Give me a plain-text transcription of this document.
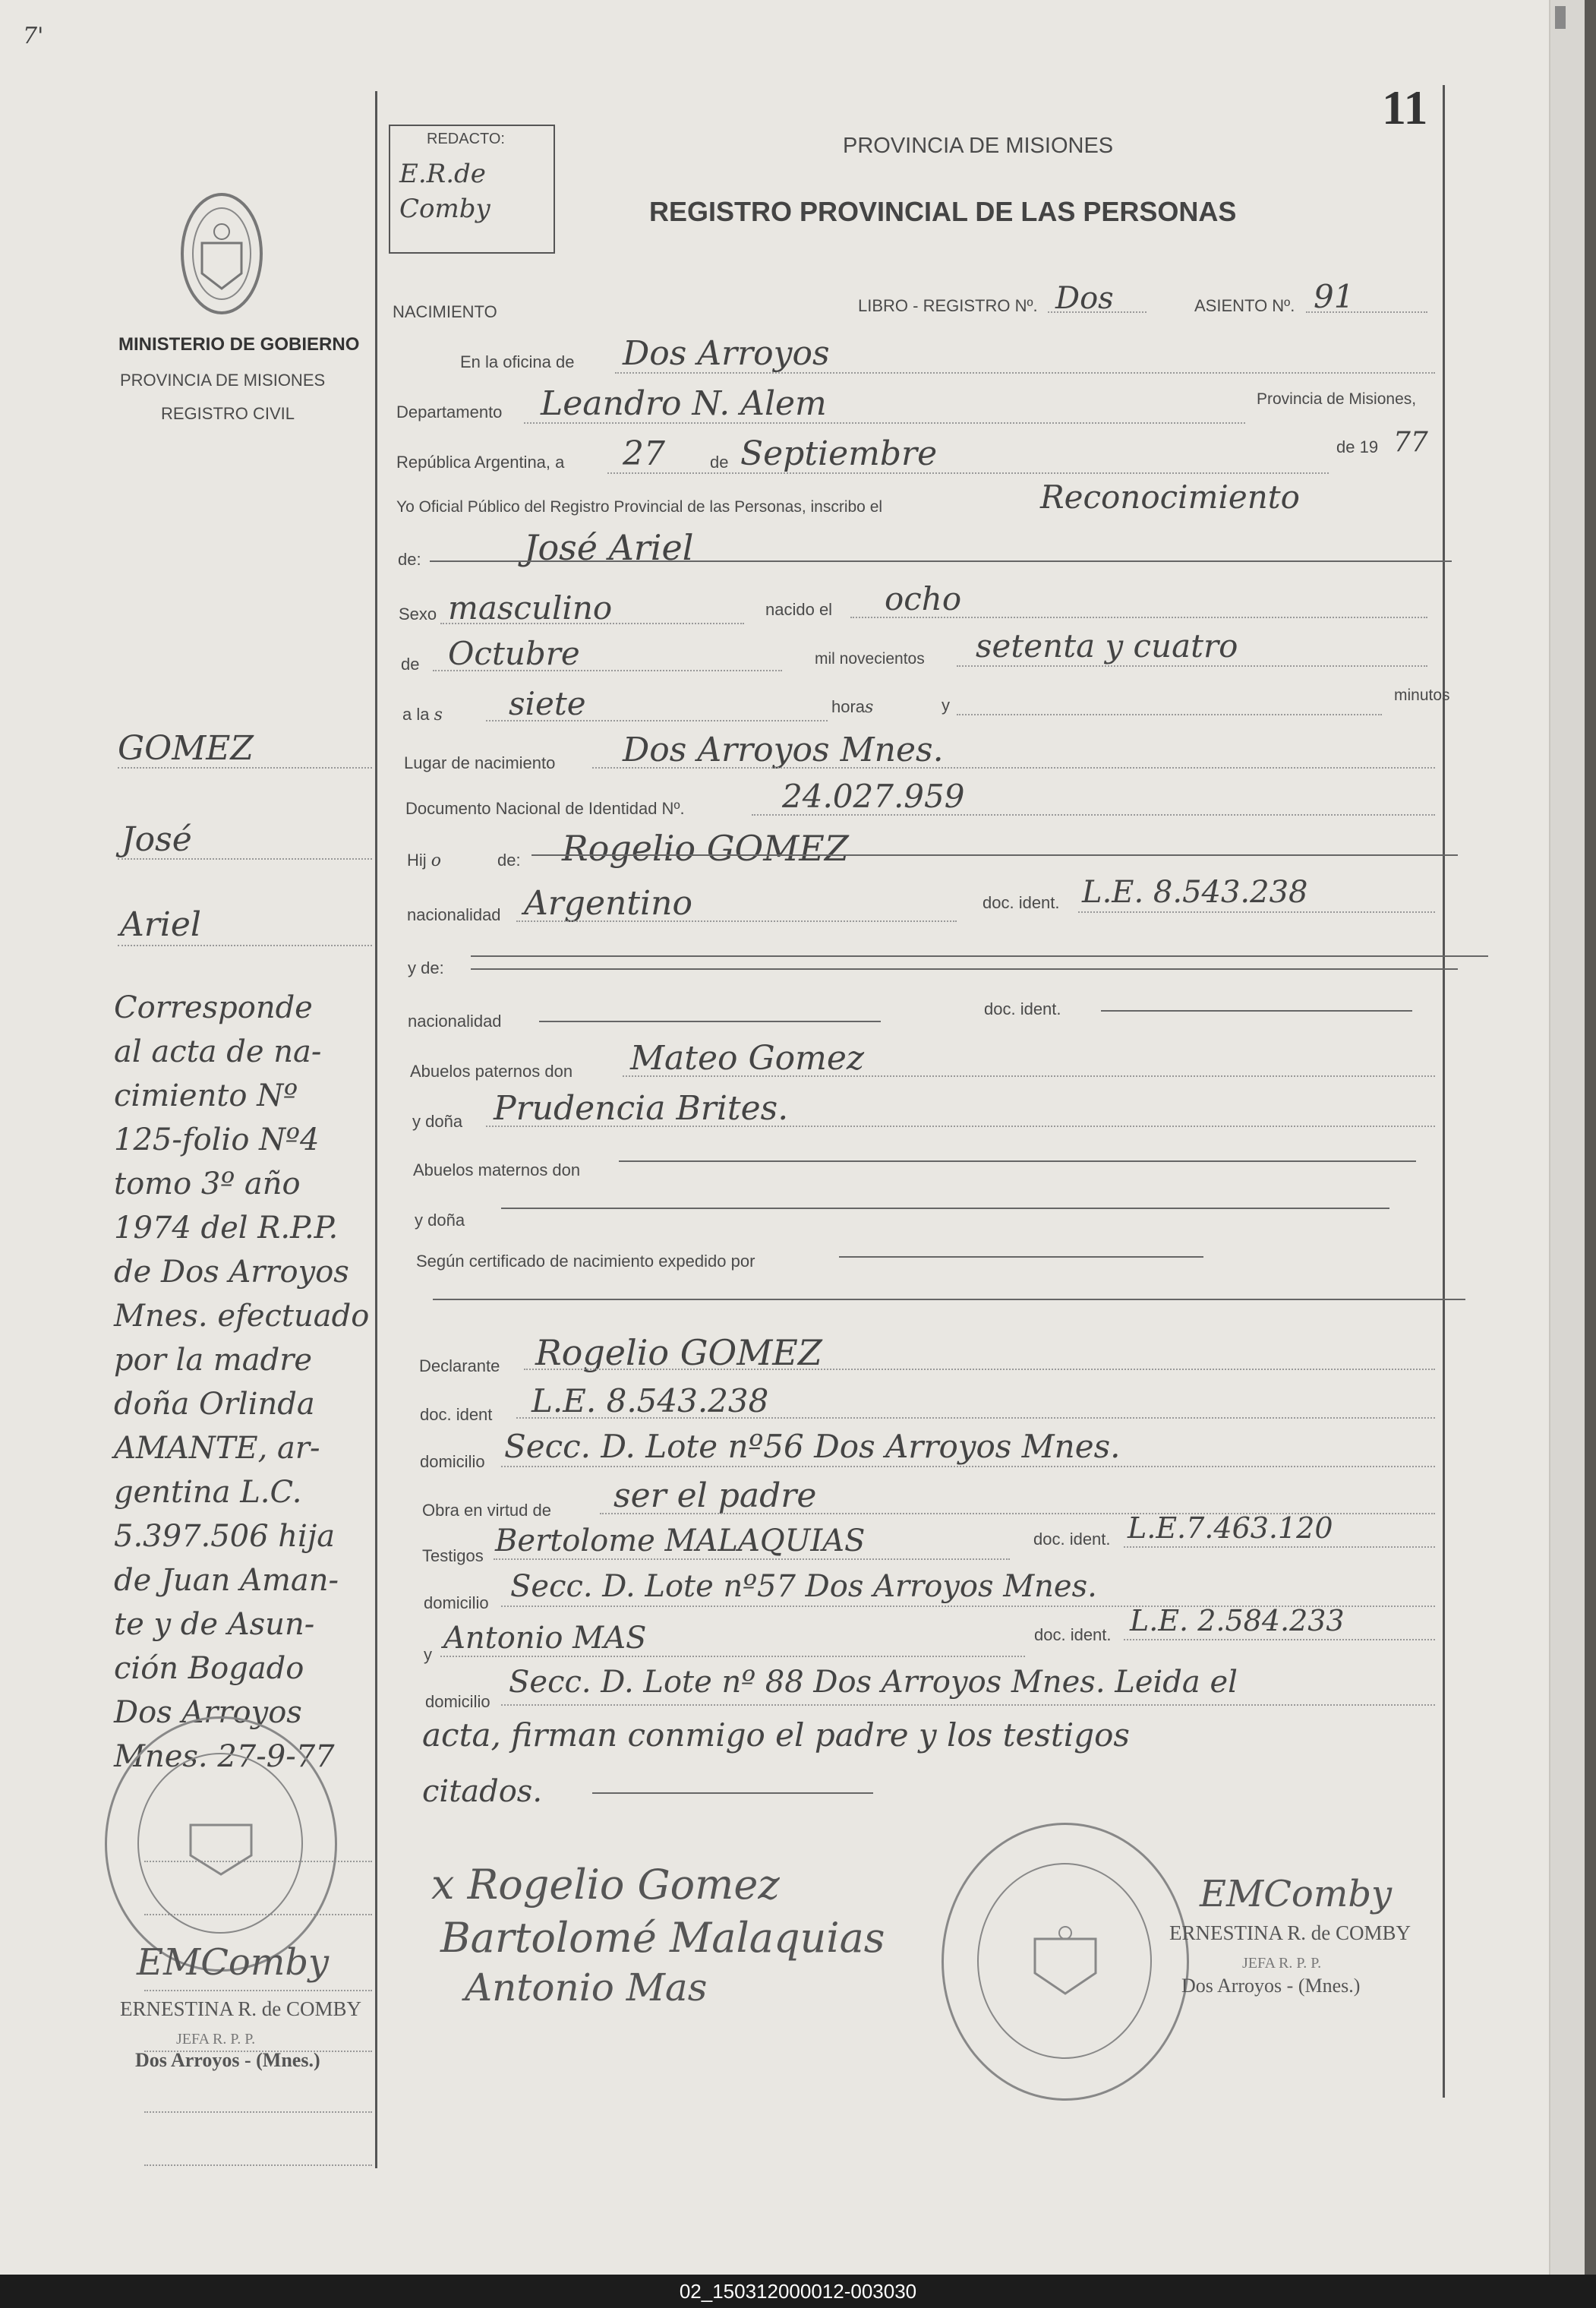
7'
11
REDACTO:
E.R.de Comby
PROVINCIA DE MISIONES
REGISTRO PROVINCIAL DE LAS PERSONAS
MINISTERIO DE GOBIERNO
PROVINCIA DE MISIONES
REGISTRO CIVIL
NACIMIENTO	LIBRO - REGISTRO Nº. Dos	ASIENTO Nº. 91
En la oficina de Dos Arroyos
Departamento Leandro N. Alem	Provincia de Misiones,
República Argentina, a 27	de Septiembre	de 19 77
Yo Oficial Público del Registro Provincial de las Personas, inscribo el	Reconocimiento
de:	José Ariel
Sexo masculino	nacido el ocho
de Octubre	mil novecientos setenta y cuatro
a la s siete	horas	y
minutos
Lugar de nacimiento Dos Arroyos Mnes.
Documento Nacional de Identidad Nº.	24.027.959
Hij o	de: Rogelio GOMEZ
nacionalidad Argentino	doc. ident. L.E. 8.543.238
y de:
nacionalidad
doc. ident.
Abuelos paternos don Mateo Gomez
y doña Prudencia Brites.
Abuelos maternos don
y doña
Según certificado de nacimiento expedido por
Declarante Rogelio GOMEZ
doc. ident L.E. 8.543.238
domicilio Secc. D. Lote nº56 Dos Arroyos Mnes.
Obra en virtud de ser el padre
Testigos Bertolome MALAQUIAS	doc. ident. L.E.7.463.120
domicilio Secc. D. Lote nº57 Dos Arroyos Mnes.
y Antonio MAS	doc. ident. L.E. 2.584.233
domicilio
Secc. D. Lote nº 88 Dos Arroyos Mnes. Leida el
acta, firman conmigo el padre y los testigos
citados.
GOMEZ
José
Ariel
Corresponde
al acta de na-
cimiento Nº
125-folio Nº4
tomo 3º año
1974 del R.P.P.
de Dos Arroyos
Mnes. efectuado
por la madre
doña Orlinda
AMANTE, ar-
gentina L.C.
5.397.506 hija
de Juan Aman-
te y de Asun-
ción Bogado
Dos Arroyos
Mnes. 27-9-77
x Rogelio Gomez
Bartolomé Malaquias
Antonio Mas
EMComby
ERNESTINA R. de COMBY
JEFA R. P. P.
Dos Arroyos - (Mnes.)
EMComby
ERNESTINA R. de COMBY
JEFA R. P. P.
Dos Arroyos - (Mnes.)
02_150312000012-003030
